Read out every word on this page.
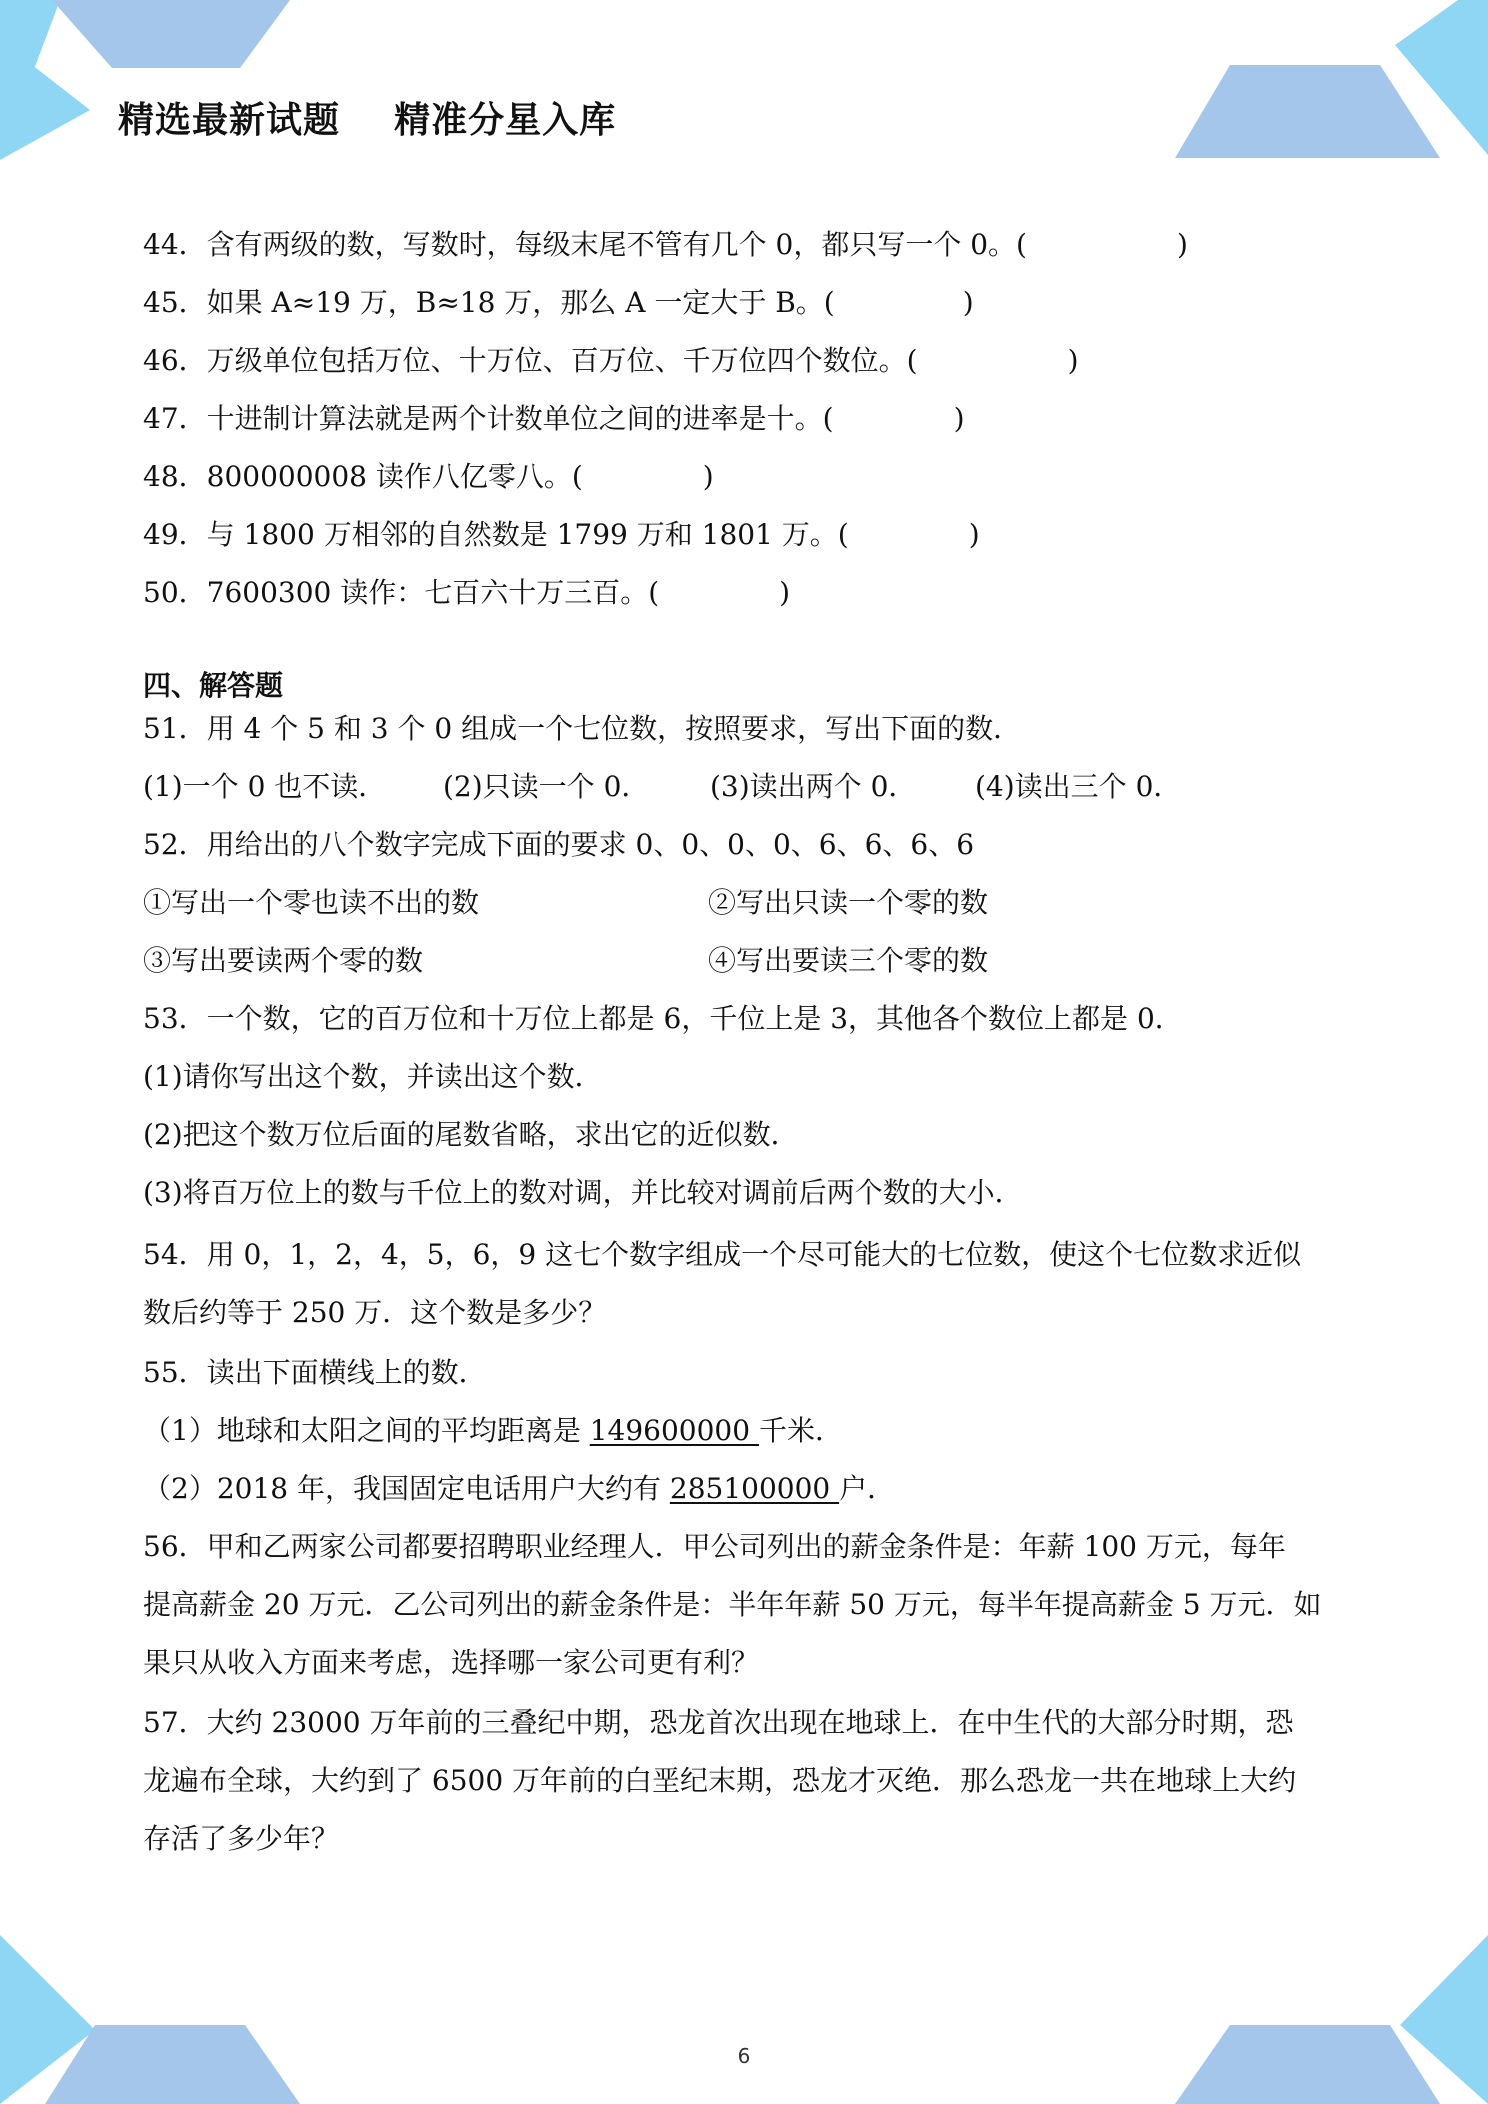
精选最新试题    精准分星入库
44．含有两级的数，写数时，每级末尾不管有几个 0，都只写一个 0。(	)
45．如果 A≈19 万，B≈18 万，那么 A 一定大于 B。(	)
46．万级单位包括万位、十万位、百万位、千万位四个数位。(	)
47．十进制计算法就是两个计数单位之间的进率是十。(	)
48．800000008 读作八亿零八。(	)
49．与 1800 万相邻的自然数是 1799 万和 1801 万。(	)
50．7600300 读作：七百六十万三百。(	)
四、解答题
51．用 4 个 5 和 3 个 0 组成一个七位数，按照要求，写出下面的数．
(1)一个 0 也不读． (2)只读一个 0． (3)读出两个 0． (4)读出三个 0．
52．用给出的八个数字完成下面的要求 0、0、0、0、6、6、6、6
①写出一个零也读不出的数	②写出只读一个零的数
③写出要读两个零的数	④写出要读三个零的数
53．一个数，它的百万位和十万位上都是 6，千位上是 3，其他各个数位上都是 0．
(1)请你写出这个数，并读出这个数．
(2)把这个数万位后面的尾数省略，求出它的近似数．
(3)将百万位上的数与千位上的数对调，并比较对调前后两个数的大小．
54．用 0，1，2，4，5，6，9 这七个数字组成一个尽可能大的七位数，使这个七位数求近似
数后约等于 250 万．这个数是多少？
55．读出下面横线上的数．
（1）地球和太阳之间的平均距离是 149600000 千米．
（2）2018 年，我国固定电话用户大约有 285100000 户．
56．甲和乙两家公司都要招聘职业经理人．甲公司列出的薪金条件是：年薪 100 万元，每年
提高薪金 20 万元．乙公司列出的薪金条件是：半年年薪 50 万元，每半年提高薪金 5 万元．如
果只从收入方面来考虑，选择哪一家公司更有利？
57．大约 23000 万年前的三叠纪中期，恐龙首次出现在地球上．在中生代的大部分时期，恐
龙遍布全球，大约到了 6500 万年前的白垩纪末期，恐龙才灭绝．那么恐龙一共在地球上大约
存活了多少年？
6
